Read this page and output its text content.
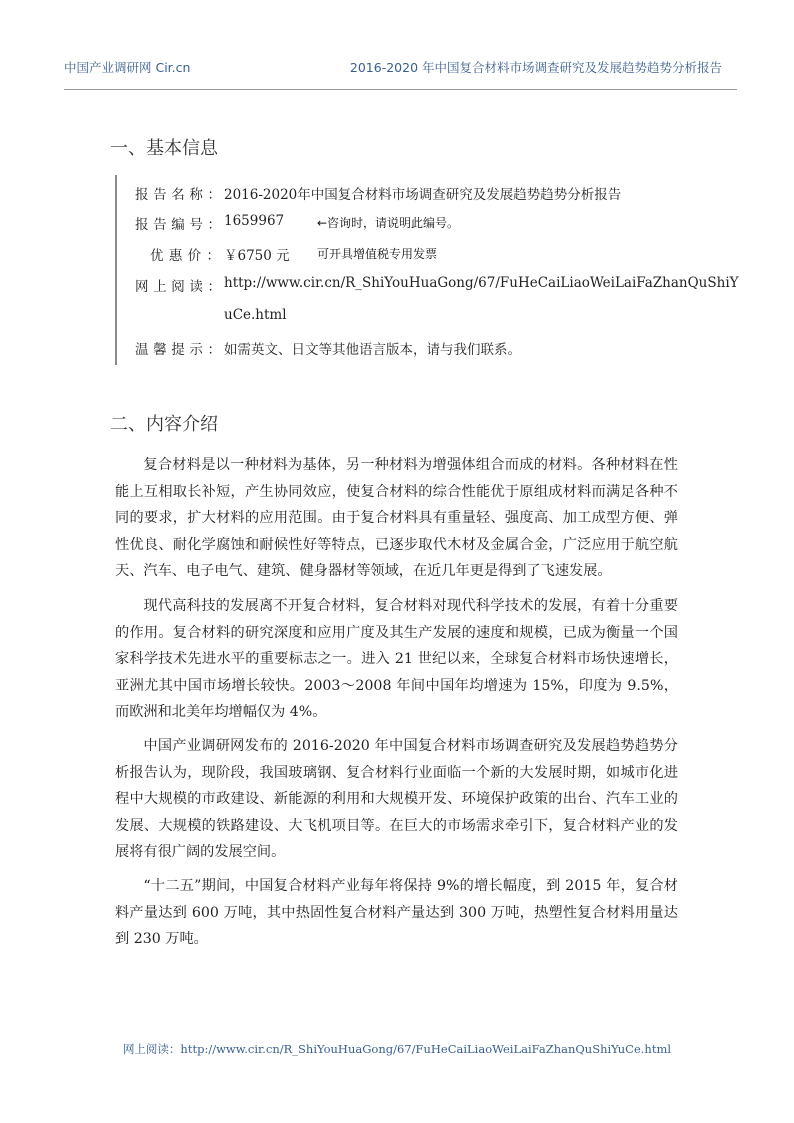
中国产业调研网 Cir.cn	2016-2020 年中国复合材料市场调查研究及发展趋势趋势分析报告
一、基本信息
报告名称： 2016-2020年中国复合材料市场调查研究及发展趋势趋势分析报告
报告编号： 1659967	←咨询时，请说明此编号。
优惠价： ￥6750 元 可开具增值税专用发票
网上阅读： http://www.cir.cn/R_ShiYouHuaGong/67/FuHeCaiLiaoWeiLaiFaZhanQuShiY
uCe.html
温馨提示： 如需英文、日文等其他语言版本，请与我们联系。
二、内容介绍

复合材料是以一种材料为基体，另一种材料为增强体组合而成的材料。各种材料在性能上互相取长补短，产生协同效应，使复合材料的综合性能优于原组成材料而满足各种不同的要求，扩大材料的应用范围。由于复合材料具有重量轻、强度高、加工成型方便、弹性优良、耐化学腐蚀和耐候性好等特点，已逐步取代木材及金属合金，广泛应用于航空航天、汽车、电子电气、建筑、健身器材等领域，在近几年更是得到了飞速发展。

现代高科技的发展离不开复合材料，复合材料对现代科学技术的发展，有着十分重要的作用。复合材料的研究深度和应用广度及其生产发展的速度和规模，已成为衡量一个国家科学技术先进水平的重要标志之一。进入 21 世纪以来，全球复合材料市场快速增长，亚洲尤其中国市场增长较快。2003～2008 年间中国年均增速为 15%，印度为 9.5%，而欧洲和北美年均增幅仅为 4%。

中国产业调研网发布的 2016-2020 年中国复合材料市场调查研究及发展趋势趋势分析报告认为，现阶段，我国玻璃钢、复合材料行业面临一个新的大发展时期，如城市化进程中大规模的市政建设、新能源的利用和大规模开发、环境保护政策的出台、汽车工业的发展、大规模的铁路建设、大飞机项目等。在巨大的市场需求牵引下，复合材料产业的发展将有很广阔的发展空间。

“十二五”期间，中国复合材料产业每年将保持 9%的增长幅度，到 2015 年，复合材料产量达到 600 万吨，其中热固性复合材料产量达到 300 万吨，热塑性复合材料用量达到 230 万吨。

网上阅读：http://www.cir.cn/R_ShiYouHuaGong/67/FuHeCaiLiaoWeiLaiFaZhanQuShiYuCe.html
